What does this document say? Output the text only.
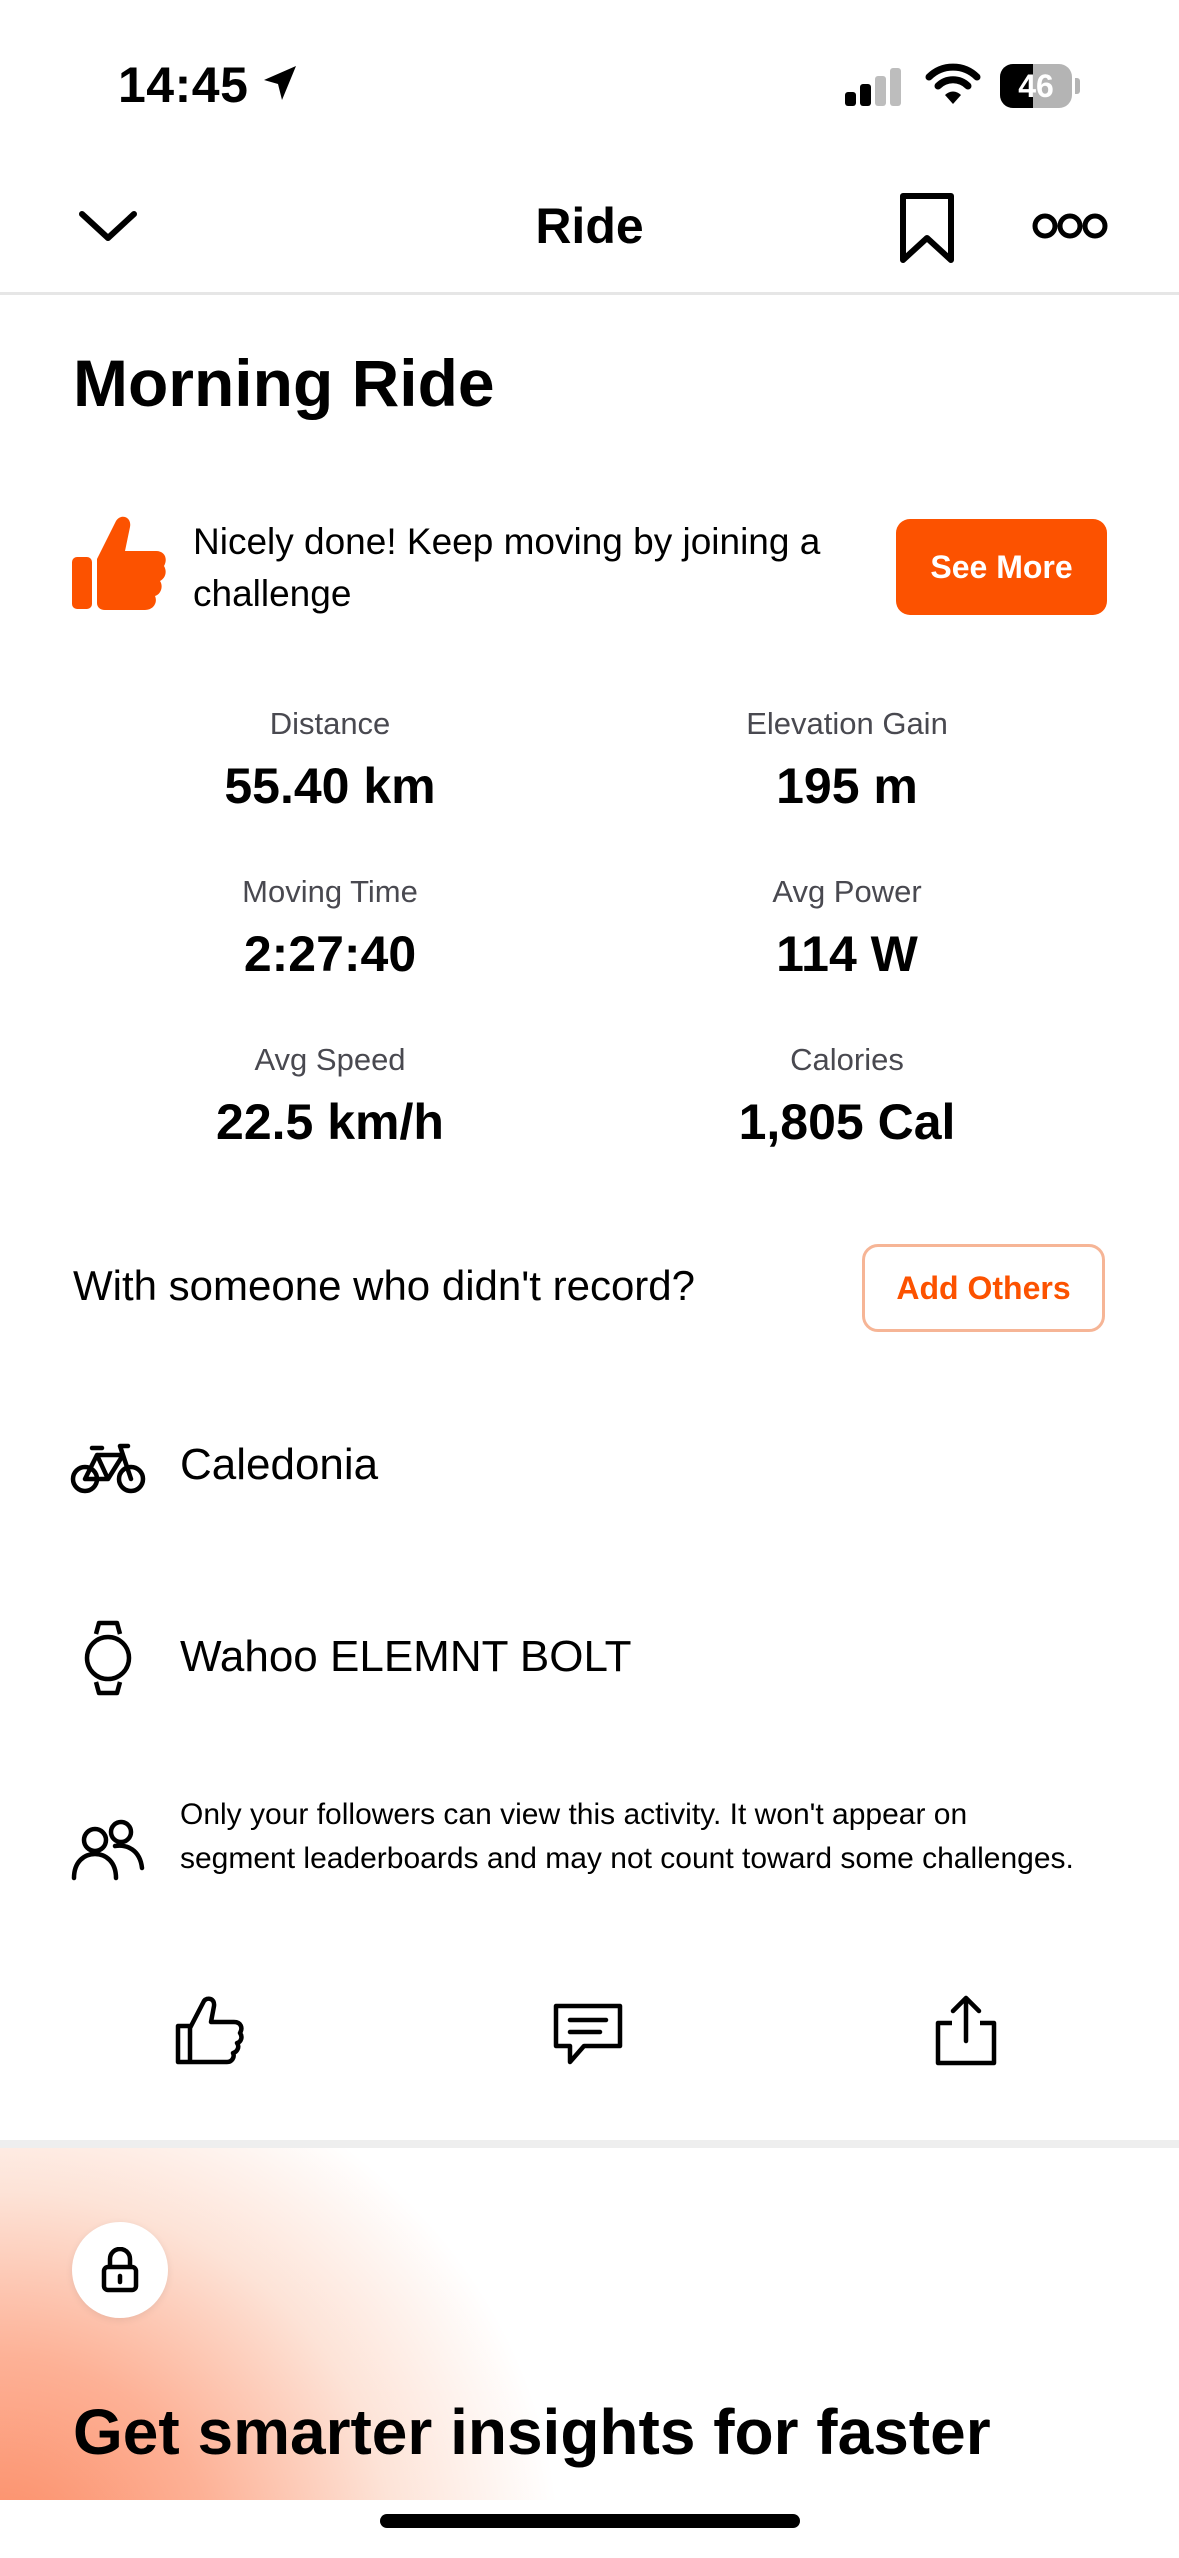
14:45	46
Ride
Morning Ride
Nicely done! Keep moving by joining a challenge
See More
Distance
55.40 km
Elevation Gain
195 m
Moving Time
2:27:40
Avg Power
114 W
Avg Speed
22.5 km/h
Calories
1,805 Cal
With someone who didn't record?	Add Others
Caledonia
Wahoo ELEMNT BOLT
Only your followers can view this activity. It won't appear on segment leaderboards and may not count toward some challenges.
Get smarter insights for faster
